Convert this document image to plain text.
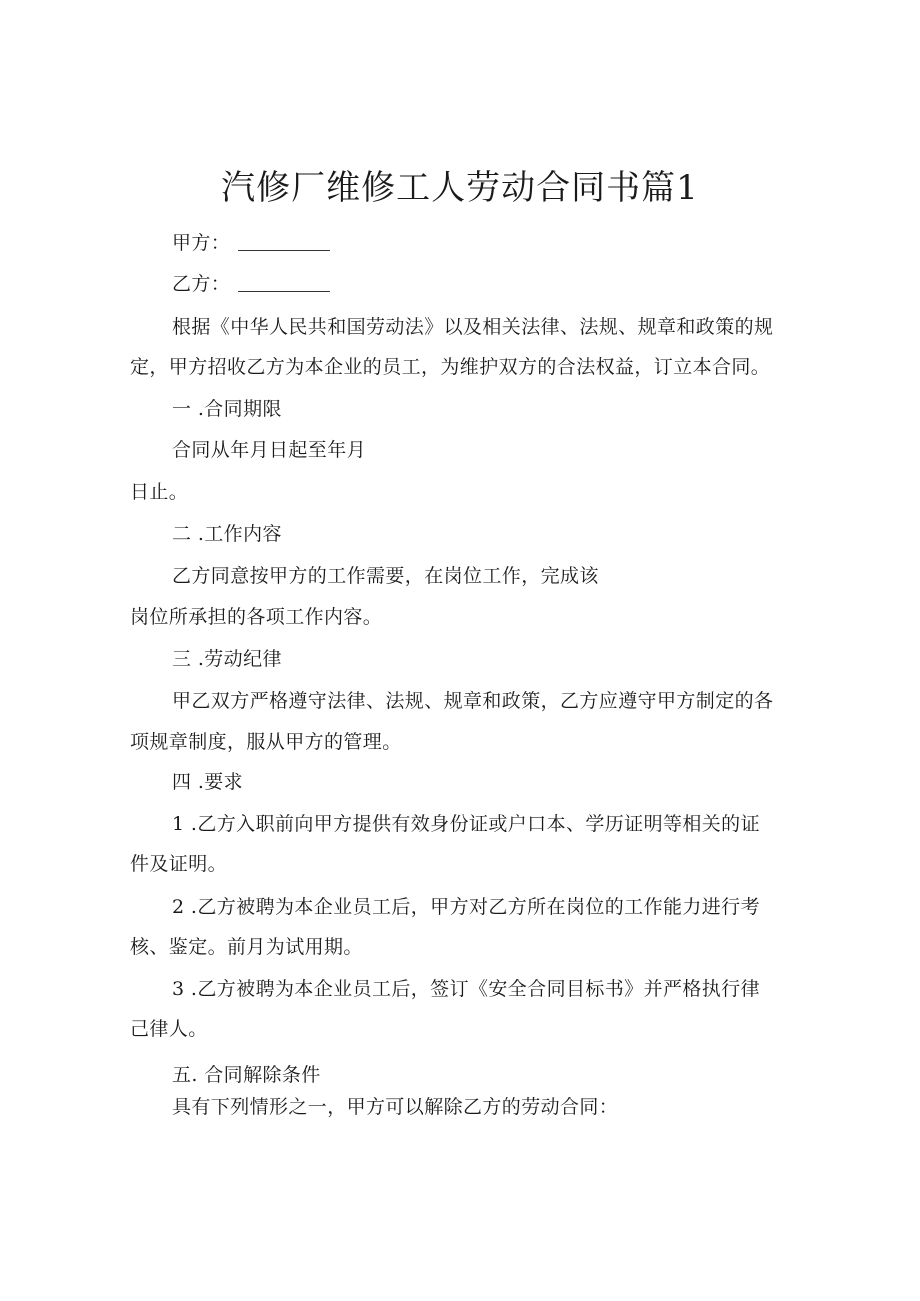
汽修厂维修工人劳动合同书篇1
甲方：
乙方：
根据《中华人民共和国劳动法》以及相关法律、法规、规章和政策的规
定，甲方招收乙方为本企业的员工，为维护双方的合法权益，订立本合同。
一 .合同期限
合同从年月日起至年月
日止。
二 .工作内容
乙方同意按甲方的工作需要，在岗位工作，完成该
岗位所承担的各项工作内容。
三 .劳动纪律
甲乙双方严格遵守法律、法规、规章和政策，乙方应遵守甲方制定的各
项规章制度，服从甲方的管理。
四 .要求
1 .乙方入职前向甲方提供有效身份证或户口本、学历证明等相关的证
件及证明。
2 .乙方被聘为本企业员工后，甲方对乙方所在岗位的工作能力进行考
核、鉴定。前月为试用期。
3 .乙方被聘为本企业员工后，签订《安全合同目标书》并严格执行律
己律人。
五. 合同解除条件
具有下列情形之一，甲方可以解除乙方的劳动合同：
